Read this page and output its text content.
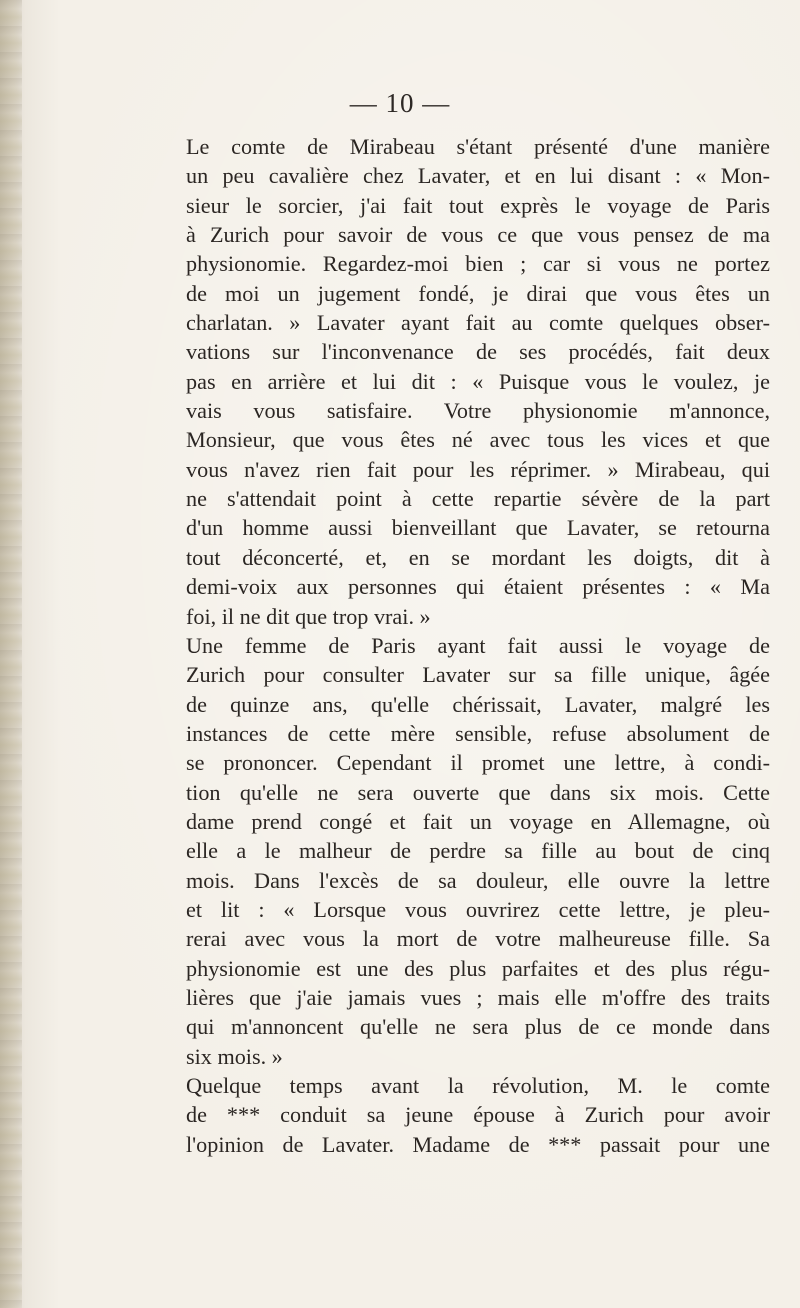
— 10 —
Le comte de Mirabeau s'étant présenté d'une manière
un peu cavalière chez Lavater, et en lui disant : « Mon-
sieur le sorcier, j'ai fait tout exprès le voyage de Paris
à Zurich pour savoir de vous ce que vous pensez de ma
physionomie. Regardez-moi bien ; car si vous ne portez
de moi un jugement fondé, je dirai que vous êtes un
charlatan. » Lavater ayant fait au comte quelques obser-
vations sur l'inconvenance de ses procédés, fait deux
pas en arrière et lui dit : « Puisque vous le voulez, je
vais vous satisfaire. Votre physionomie m'annonce,
Monsieur, que vous êtes né avec tous les vices et que
vous n'avez rien fait pour les réprimer. » Mirabeau, qui
ne s'attendait point à cette repartie sévère de la part
d'un homme aussi bienveillant que Lavater, se retourna
tout déconcerté, et, en se mordant les doigts, dit à
demi-voix aux personnes qui étaient présentes : « Ma
foi, il ne dit que trop vrai. »
Une femme de Paris ayant fait aussi le voyage de
Zurich pour consulter Lavater sur sa fille unique, âgée
de quinze ans, qu'elle chérissait, Lavater, malgré les
instances de cette mère sensible, refuse absolument de
se prononcer. Cependant il promet une lettre, à condi-
tion qu'elle ne sera ouverte que dans six mois. Cette
dame prend congé et fait un voyage en Allemagne, où
elle a le malheur de perdre sa fille au bout de cinq
mois. Dans l'excès de sa douleur, elle ouvre la lettre
et lit : « Lorsque vous ouvrirez cette lettre, je pleu-
rerai avec vous la mort de votre malheureuse fille. Sa
physionomie est une des plus parfaites et des plus régu-
lières que j'aie jamais vues ; mais elle m'offre des traits
qui m'annoncent qu'elle ne sera plus de ce monde dans
six mois. »
Quelque temps avant la révolution, M. le comte
de *** conduit sa jeune épouse à Zurich pour avoir
l'opinion de Lavater. Madame de *** passait pour une
